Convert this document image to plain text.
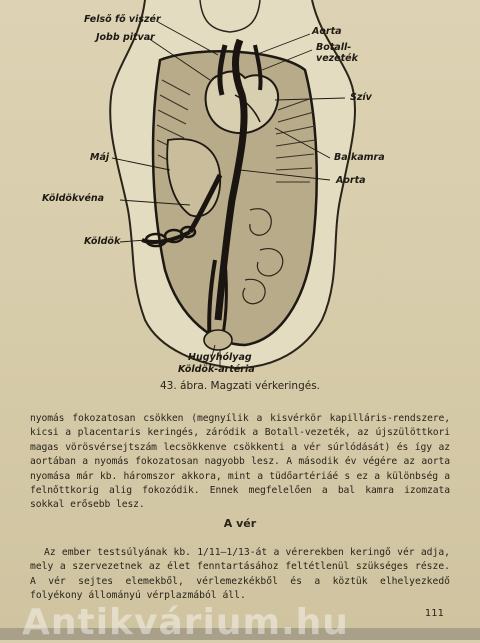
Felső fő viszér
Jobb pitvar
Aorta
Botall-
vezeték
Szív
Máj	Balkamra
Aorta
Köldökvéna
Köldök
Hugyhólyag
Köldök-artéria
43. ábra. Magzati vérkeringés.

nyomás fokozatosan csökken (megnyílik a kisvérkör kapilláris-rendszere, kicsi a placentaris keringés, záródik a Botall-vezeték, az újszülöttkori magas vörösvérsejtszám lecsökkenve csökkenti a vér súrlódását) és így az aortában a nyomás fokozatosan nagyobb lesz. A második év végére az aorta nyomása már kb. háromszor akkora, mint a tüdőartériáé s ez a különbség a felnőttkorig alig fokozódik. Ennek megfelelően a bal kamra izomzata sokkal erősebb lesz.

A vér

Az ember testsúlyának kb. 1/11—1/13-át a vérerekben keringő vér adja, mely a szervezetnek az élet fenntartásához feltétlenül szükséges része. A vér sejtes elemekből, vérlemezkékből és a köztük elhelyezkedő folyékony állományú vérplazmából áll.

111
Antikvárium.hu
